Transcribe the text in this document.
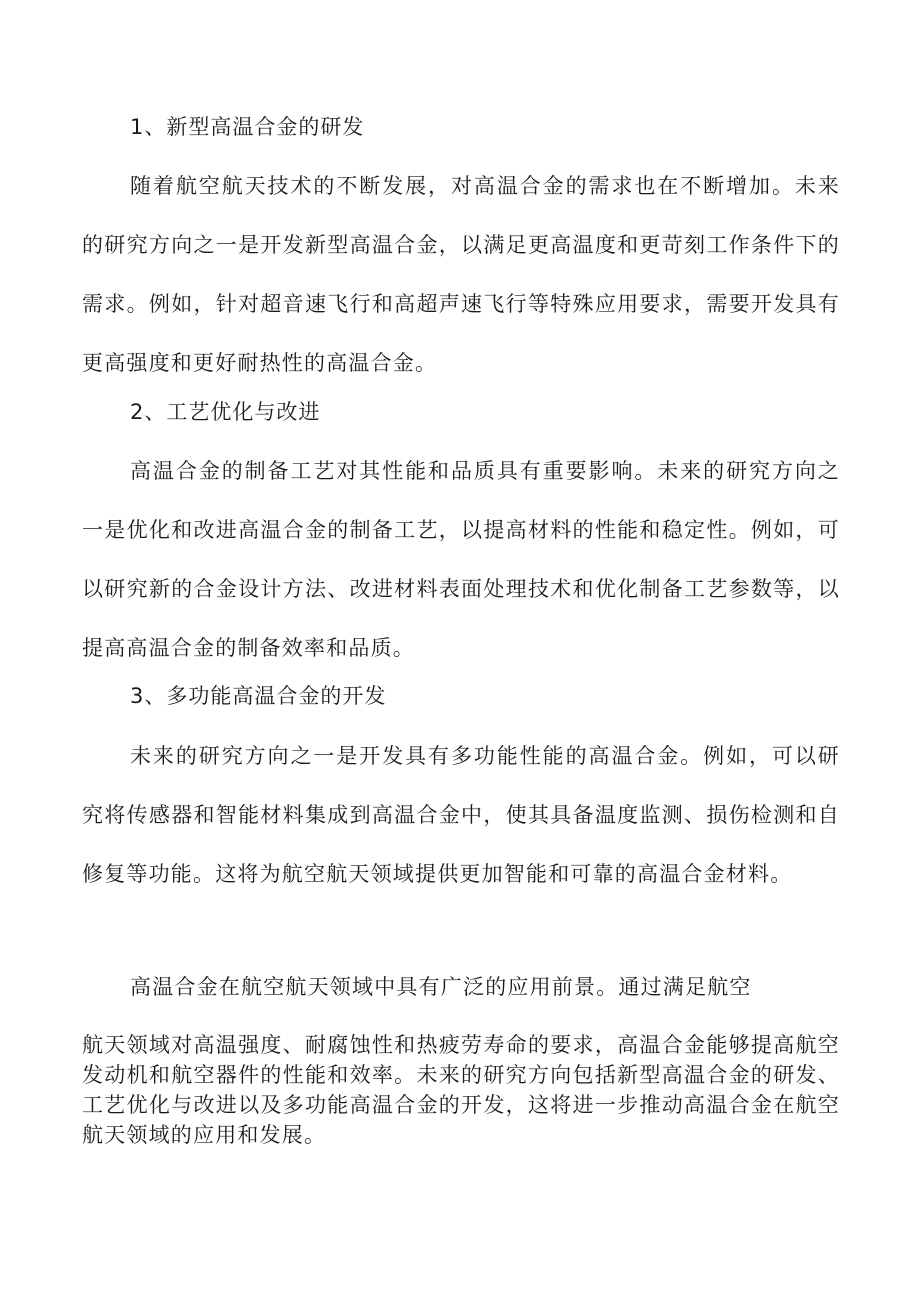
1、新型高温合金的研发
随着航空航天技术的不断发展，对高温合金的需求也在不断增加。未来的研究方向之一是开发新型高温合金，以满足更高温度和更苛刻工作条件下的需求。例如，针对超音速飞行和高超声速飞行等特殊应用要求，需要开发具有更高强度和更好耐热性的高温合金。
2、工艺优化与改进
高温合金的制备工艺对其性能和品质具有重要影响。未来的研究方向之一是优化和改进高温合金的制备工艺，以提高材料的性能和稳定性。例如，可以研究新的合金设计方法、改进材料表面处理技术和优化制备工艺参数等，以提高高温合金的制备效率和品质。
3、多功能高温合金的开发
未来的研究方向之一是开发具有多功能性能的高温合金。例如，可以研究将传感器和智能材料集成到高温合金中，使其具备温度监测、损伤检测和自修复等功能。这将为航空航天领域提供更加智能和可靠的高温合金材料。
高温合金在航空航天领域中具有广泛的应用前景。通过满足航空
航天领域对高温强度、耐腐蚀性和热疲劳寿命的要求，高温合金能够提高航空发动机和航空器件的性能和效率。未来的研究方向包括新型高温合金的研发、工艺优化与改进以及多功能高温合金的开发，这将进一步推动高温合金在航空航天领域的应用和发展。
